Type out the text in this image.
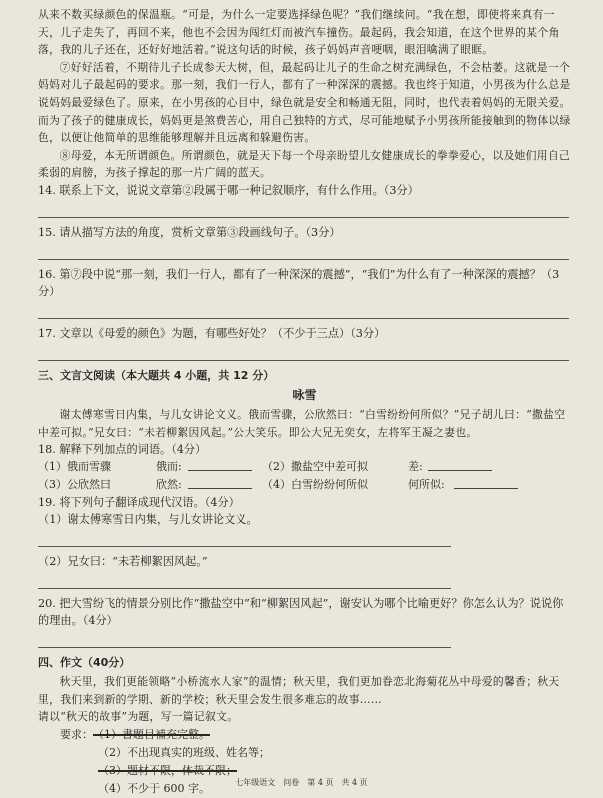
从来不数买绿颜色的保温瓶。“可是，为什么一定要选择绿色呢？”我们继续问。“我在想，即使将来真有一天，儿子走失了，再回不来，他也不会因为闯红灯而被汽车撞伤。最起码，我会知道，在这个世界的某个角落，我的儿子还在，还好好地活着。”说这句话的时候，孩子妈妈声音哽咽，眼泪噙满了眼眶。

⑦好好活着，不期待儿子长成参天大树，但，最起码让儿子的生命之树充满绿色，不会枯萎。这就是一个妈妈对儿子最起码的要求。那一刻，我们一行人，都有了一种深深的震撼。我也终于知道，小男孩为什么总是说妈妈最爱绿色了。原来，在小男孩的心目中，绿色就是安全和畅通无阻，同时，也代表着妈妈的无限关爱。而为了孩子的健康成长，妈妈更是煞费苦心，用自己独特的方式，尽可能地赋予小男孩所能接触到的物体以绿色，以便让他简单的思维能够理解并且远离和躲避伤害。

⑧母爱，本无所谓颜色。所谓颜色，就是天下每一个母亲盼望儿女健康成长的拳拳爱心，以及她们用自己柔弱的肩膀，为孩子撑起的那一片广阔的蓝天。

14. 联系上下文，说说文章第②段属于哪一种记叙顺序，有什么作用。（3分）

15. 请从描写方法的角度，赏析文章第③段画线句子。（3分）

16. 第⑦段中说“那一刻，我们一行人，都有了一种深深的震撼”，“我们”为什么有了一种深深的震撼？（3分）

17. 文章以《母爱的颜色》为题，有哪些好处？（不少于三点）（3分）

三、文言文阅读（本大题共 4 小题，共 12 分）
咏雪

谢太傅寒雪日内集，与儿女讲论文义。俄而雪骤，公欣然曰：“白雪纷纷何所似？”兄子胡儿曰：“撒盐空中差可拟。”兄女曰：“未若柳絮因风起。”公大笑乐。即公大兄无奕女，左将军王凝之妻也。

18. 解释下列加点的词语。（4分）

（1）俄而雪骤	俄而:	（2）撒盐空中差可拟	差:
（3）公欣然曰	欣然:	（4）白雪纷纷何所似	何所似:

19. 将下列句子翻译成现代汉语。（4分）

（1）谢太傅寒雪日内集，与儿女讲论文义。

（2）兄女曰：“未若柳絮因风起。”

20. 把大雪纷飞的情景分别比作“撒盐空中”和“柳絮因风起”，谢安认为哪个比喻更好？你怎么认为？说说你的理由。（4分）

四、作文（40分）

秋天里，我们更能领略“小桥流水人家”的温情；秋天里，我们更加眷恋北海菊花丛中母爱的馨香；秋天里，我们来到新的学期、新的学校；秋天里会发生很多难忘的故事……

请以“秋天的故事”为题，写一篇记叙文。

要求： （1）書題目補充完整。
（2）不出现真实的班级、姓名等；
（3）题材不限，体裁不限；
（4）不少于 600 字。	七年级语文　问卷　第 4 页　共 4 页
